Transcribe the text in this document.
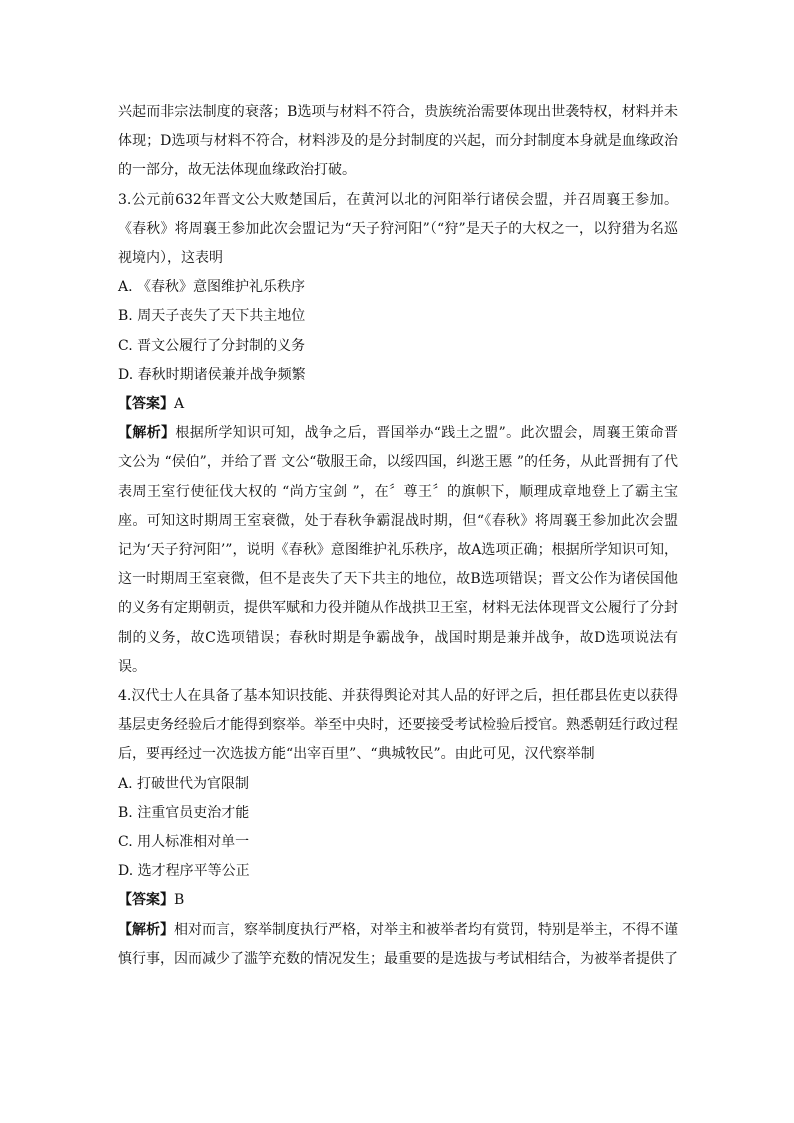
兴起而非宗法制度的衰落；B选项与材料不符合，贵族统治需要体现出世袭特权，材料并未体现；D选项与材料不符合，材料涉及的是分封制度的兴起，而分封制度本身就是血缘政治的一部分，故无法体现血缘政治打破。

3.公元前632年晋文公大败楚国后，在黄河以北的河阳举行诸侯会盟，并召周襄王参加。《春秋》将周襄王参加此次会盟记为“天子狩河阳”（“狩”是天子的大权之一，以狩猎为名巡视境内），这表明

A. 《春秋》意图维护礼乐秩序

B. 周天子丧失了天下共主地位

C. 晋文公履行了分封制的义务

D. 春秋时期诸侯兼并战争频繁

【答案】A

【解析】根据所学知识可知，战争之后，晋国举办“践土之盟”。此次盟会，周襄王策命晋文公为 “侯伯”，并给了晋 文公“敬服王命，以绥四国，纠逖王慝 ”的任务，从此晋拥有了代表周王室行使征伐大权的 “尚方宝剑 ”，在〞尊王〞的旗帜下，顺理成章地登上了霸主宝座。可知这时期周王室衰微，处于春秋争霸混战时期，但“《春秋》将周襄王参加此次会盟记为‘天子狩河阳’”，说明《春秋》意图维护礼乐秩序，故A选项正确；根据所学知识可知，这一时期周王室衰微，但不是丧失了天下共主的地位，故B选项错误；晋文公作为诸侯国他的义务有定期朝贡，提供军赋和力役并随从作战拱卫王室，材料无法体现晋文公履行了分封制的义务，故C选项错误；春秋时期是争霸战争，战国时期是兼并战争，故D选项说法有误。

4.汉代士人在具备了基本知识技能、并获得舆论对其人品的好评之后，担任郡县佐吏以获得基层吏务经验后才能得到察举。举至中央时，还要接受考试检验后授官。熟悉朝廷行政过程后，要再经过一次选拔方能“出宰百里”、“典城牧民”。由此可见，汉代察举制

A. 打破世代为官限制

B. 注重官员吏治才能

C. 用人标准相对单一

D. 选才程序平等公正

【答案】B

【解析】相对而言，察举制度执行严格，对举主和被举者均有赏罚，特别是举主，不得不谨慎行事，因而减少了滥竽充数的情况发生；最重要的是选拔与考试相结合，为被举者提供了
